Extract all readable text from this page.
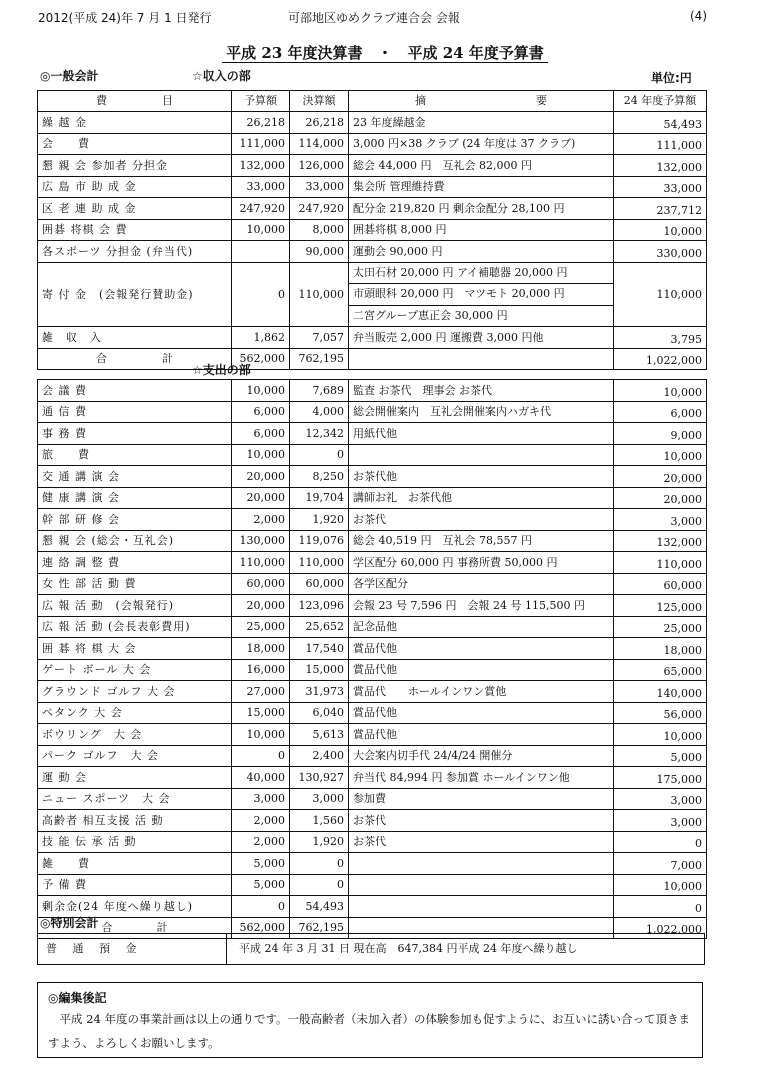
2012(平成 24)年 7 月 1 日発行	可部地区ゆめクラブ連合会 会報	(4)
平成 23 年度決算書　・　平成 24 年度予算書
◎一般会計	☆収入の部	単位:円
費　　　　　目	予算額	決算額	摘　　　　　　　　　　要	24 年度予算額
繰 越 金	26,218	26,218	23 年度繰越金	54,493
会　　費	111,000	114,000	3,000 円×38 クラブ (24 年度は 37 クラブ)	111,000
懇 親 会 参加者 分担金	132,000	126,000	総会 44,000 円　互礼会 82,000 円	132,000
広 島 市 助 成 金	33,000	33,000	集会所 管理維持費	33,000
区 老 連 助 成 金	247,920	247,920	配分金 219,820 円 剰余金配分 28,100 円	237,712
囲碁 将棋 会 費	10,000	8,000	囲碁将棋 8,000 円	10,000
各スポーツ 分担金 (弁当代)		90,000	運動会 90,000 円	330,000
寄 付 金　(会報発行賛助金)	0	110,000	太田石材 20,000 円 アイ補聴器 20,000 円
市頭眼科 20,000 円　マツモト 20,000 円
二宮グループ恵正会 30,000 円	110,000
雑　収　入	1,862	7,057	弁当販売 2,000 円 運搬費 3,000 円他	3,795
合　　　　　計	562,000	762,195		1,022,000
☆支出の部
会 議 費	10,000	7,689	監査 お茶代　理事会 お茶代	10,000
通 信 費	6,000	4,000	総会開催案内　互礼会開催案内ハガキ代	6,000
事 務 費	6,000	12,342	用紙代他	9,000
旅　　費	10,000	0		10,000
交 通 講 演 会	20,000	8,250	お茶代他	20,000
健 康 講 演 会	20,000	19,704	講師お礼　お茶代他	20,000
幹 部 研 修 会	2,000	1,920	お茶代	3,000
懇 親 会 (総会・互礼会)	130,000	119,076	総会 40,519 円　互礼会 78,557 円	132,000
連 絡 調 整 費	110,000	110,000	学区配分 60,000 円 事務所費 50,000 円	110,000
女 性 部 活 動 費	60,000	60,000	各学区配分	60,000
広 報 活 動　(会報発行)	20,000	123,096	会報 23 号 7,596 円　会報 24 号 115,500 円	125,000
広 報 活 動 (会長表彰費用)	25,000	25,652	記念品他	25,000
囲 碁 将 棋 大 会	18,000	17,540	賞品代他	18,000
ゲート ボール 大 会	16,000	15,000	賞品代他	65,000
グラウンド ゴルフ 大 会	27,000	31,973	賞品代　　ホールインワン賞他	140,000
ペタンク 大 会	15,000	6,040	賞品代他	56,000
ボウリング　大 会	10,000	5,613	賞品代他	10,000
パーク ゴルフ　大 会	0	2,400	大会案内切手代 24/4/24 開催分	5,000
運 動 会	40,000	130,927	弁当代 84,994 円 参加賞 ホールインワン他	175,000
ニュー スポーツ　大 会	3,000	3,000	参加費	3,000
高齢者 相互支援 活 動	2,000	1,560	お茶代	3,000
技 能 伝 承 活 動	2,000	1,920	お茶代	0
雑　　費	5,000	0		7,000
予 備 費	5,000	0		10,000
剰余金(24 年度へ繰り越し)	0	54,493		0
合　　　　計	562,000	762,195		1,022,000
◎特別会計
普 通 預 金	平成 24 年 3 月 31 日 現在高　647,384 円平成 24 年度へ繰り越し
◎編集後記
平成 24 年度の事業計画は以上の通りです。一般高齢者（未加入者）の体験参加も促すように、お互いに誘い合って頂きますよう、よろしくお願いします。
